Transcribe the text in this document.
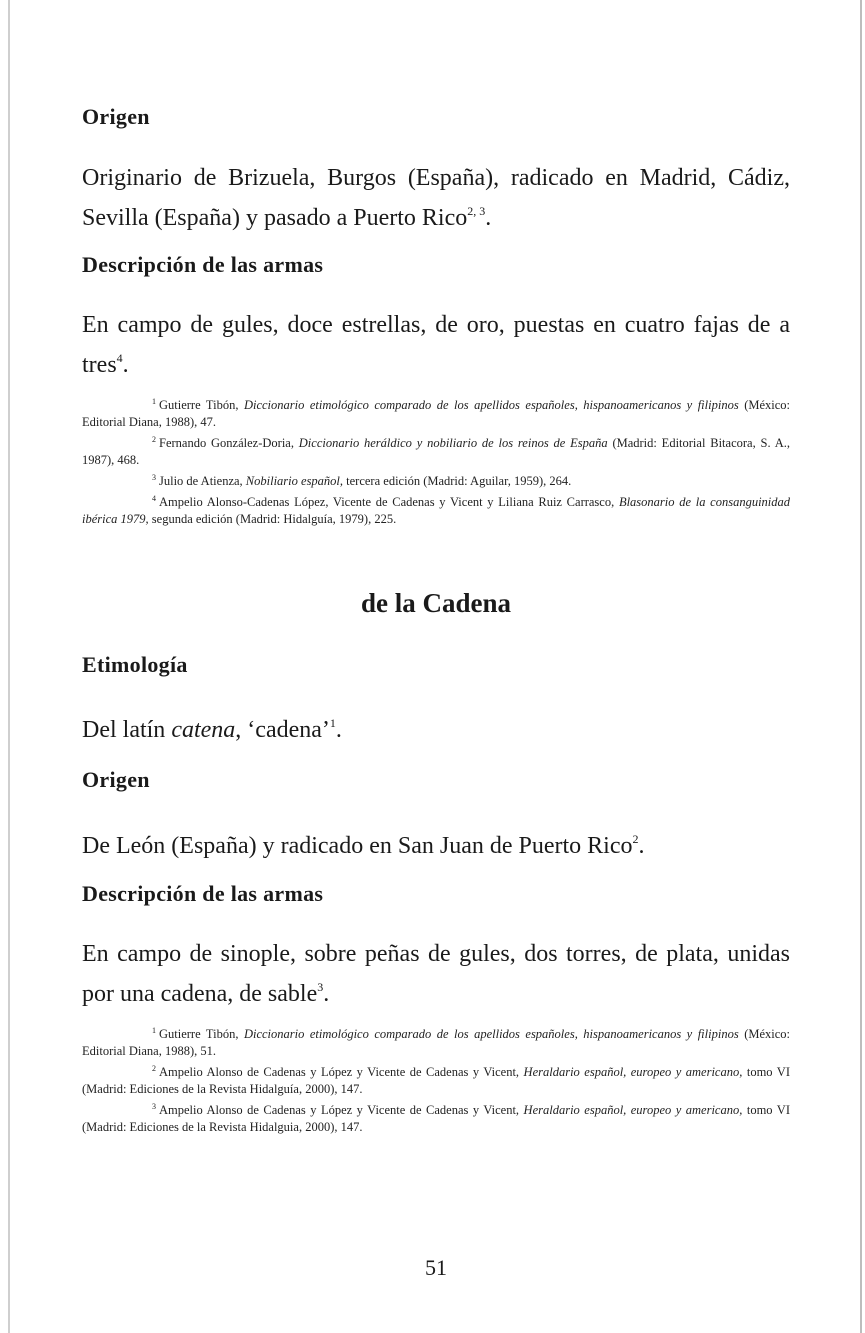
Origen

Originario de Brizuela, Burgos (España), radicado en Madrid, Cádiz, Sevilla (España) y pasado a Puerto Rico$^{2, 3}$.

Descripción de las armas

En campo de gules, doce estrellas, de oro, puestas en cuatro fajas de a tres$^4$.

$^1$ Gutierre Tibón, Diccionario etimológico comparado de los apellidos españoles, hispanoamericanos y filipinos (México: Editorial Diana, 1988), 47.

$^2$ Fernando González-Doria, Diccionario heráldico y nobiliario de los reinos de España (Madrid: Editorial Bitacora, S. A., 1987), 468.

$^3$ Julio de Atienza, Nobiliario español, tercera edición (Madrid: Aguilar, 1959), 264.

$^4$ Ampelio Alonso-Cadenas López, Vicente de Cadenas y Vicent y Liliana Ruiz Carrasco, Blasonario de la consanguinidad ibérica 1979, segunda edición (Madrid: Hidalguía, 1979), 225.

de la Cadena
Etimología

Del latín catena, ‘cadena’$^1$.

Origen

De León (España) y radicado en San Juan de Puerto Rico$^2$.

Descripción de las armas

En campo de sinople, sobre peñas de gules, dos torres, de plata, unidas por una cadena, de sable$^3$.

$^1$ Gutierre Tibón, Diccionario etimológico comparado de los apellidos españoles, hispanoamericanos y filipinos (México: Editorial Diana, 1988), 51.

$^2$ Ampelio Alonso de Cadenas y López y Vicente de Cadenas y Vicent, Heraldario español, europeo y americano, tomo VI (Madrid: Ediciones de la Revista Hidalguía, 2000), 147.

$^3$ Ampelio Alonso de Cadenas y López y Vicente de Cadenas y Vicent, Heraldario español, europeo y americano, tomo VI (Madrid: Ediciones de la Revista Hidalguia, 2000), 147.

51
